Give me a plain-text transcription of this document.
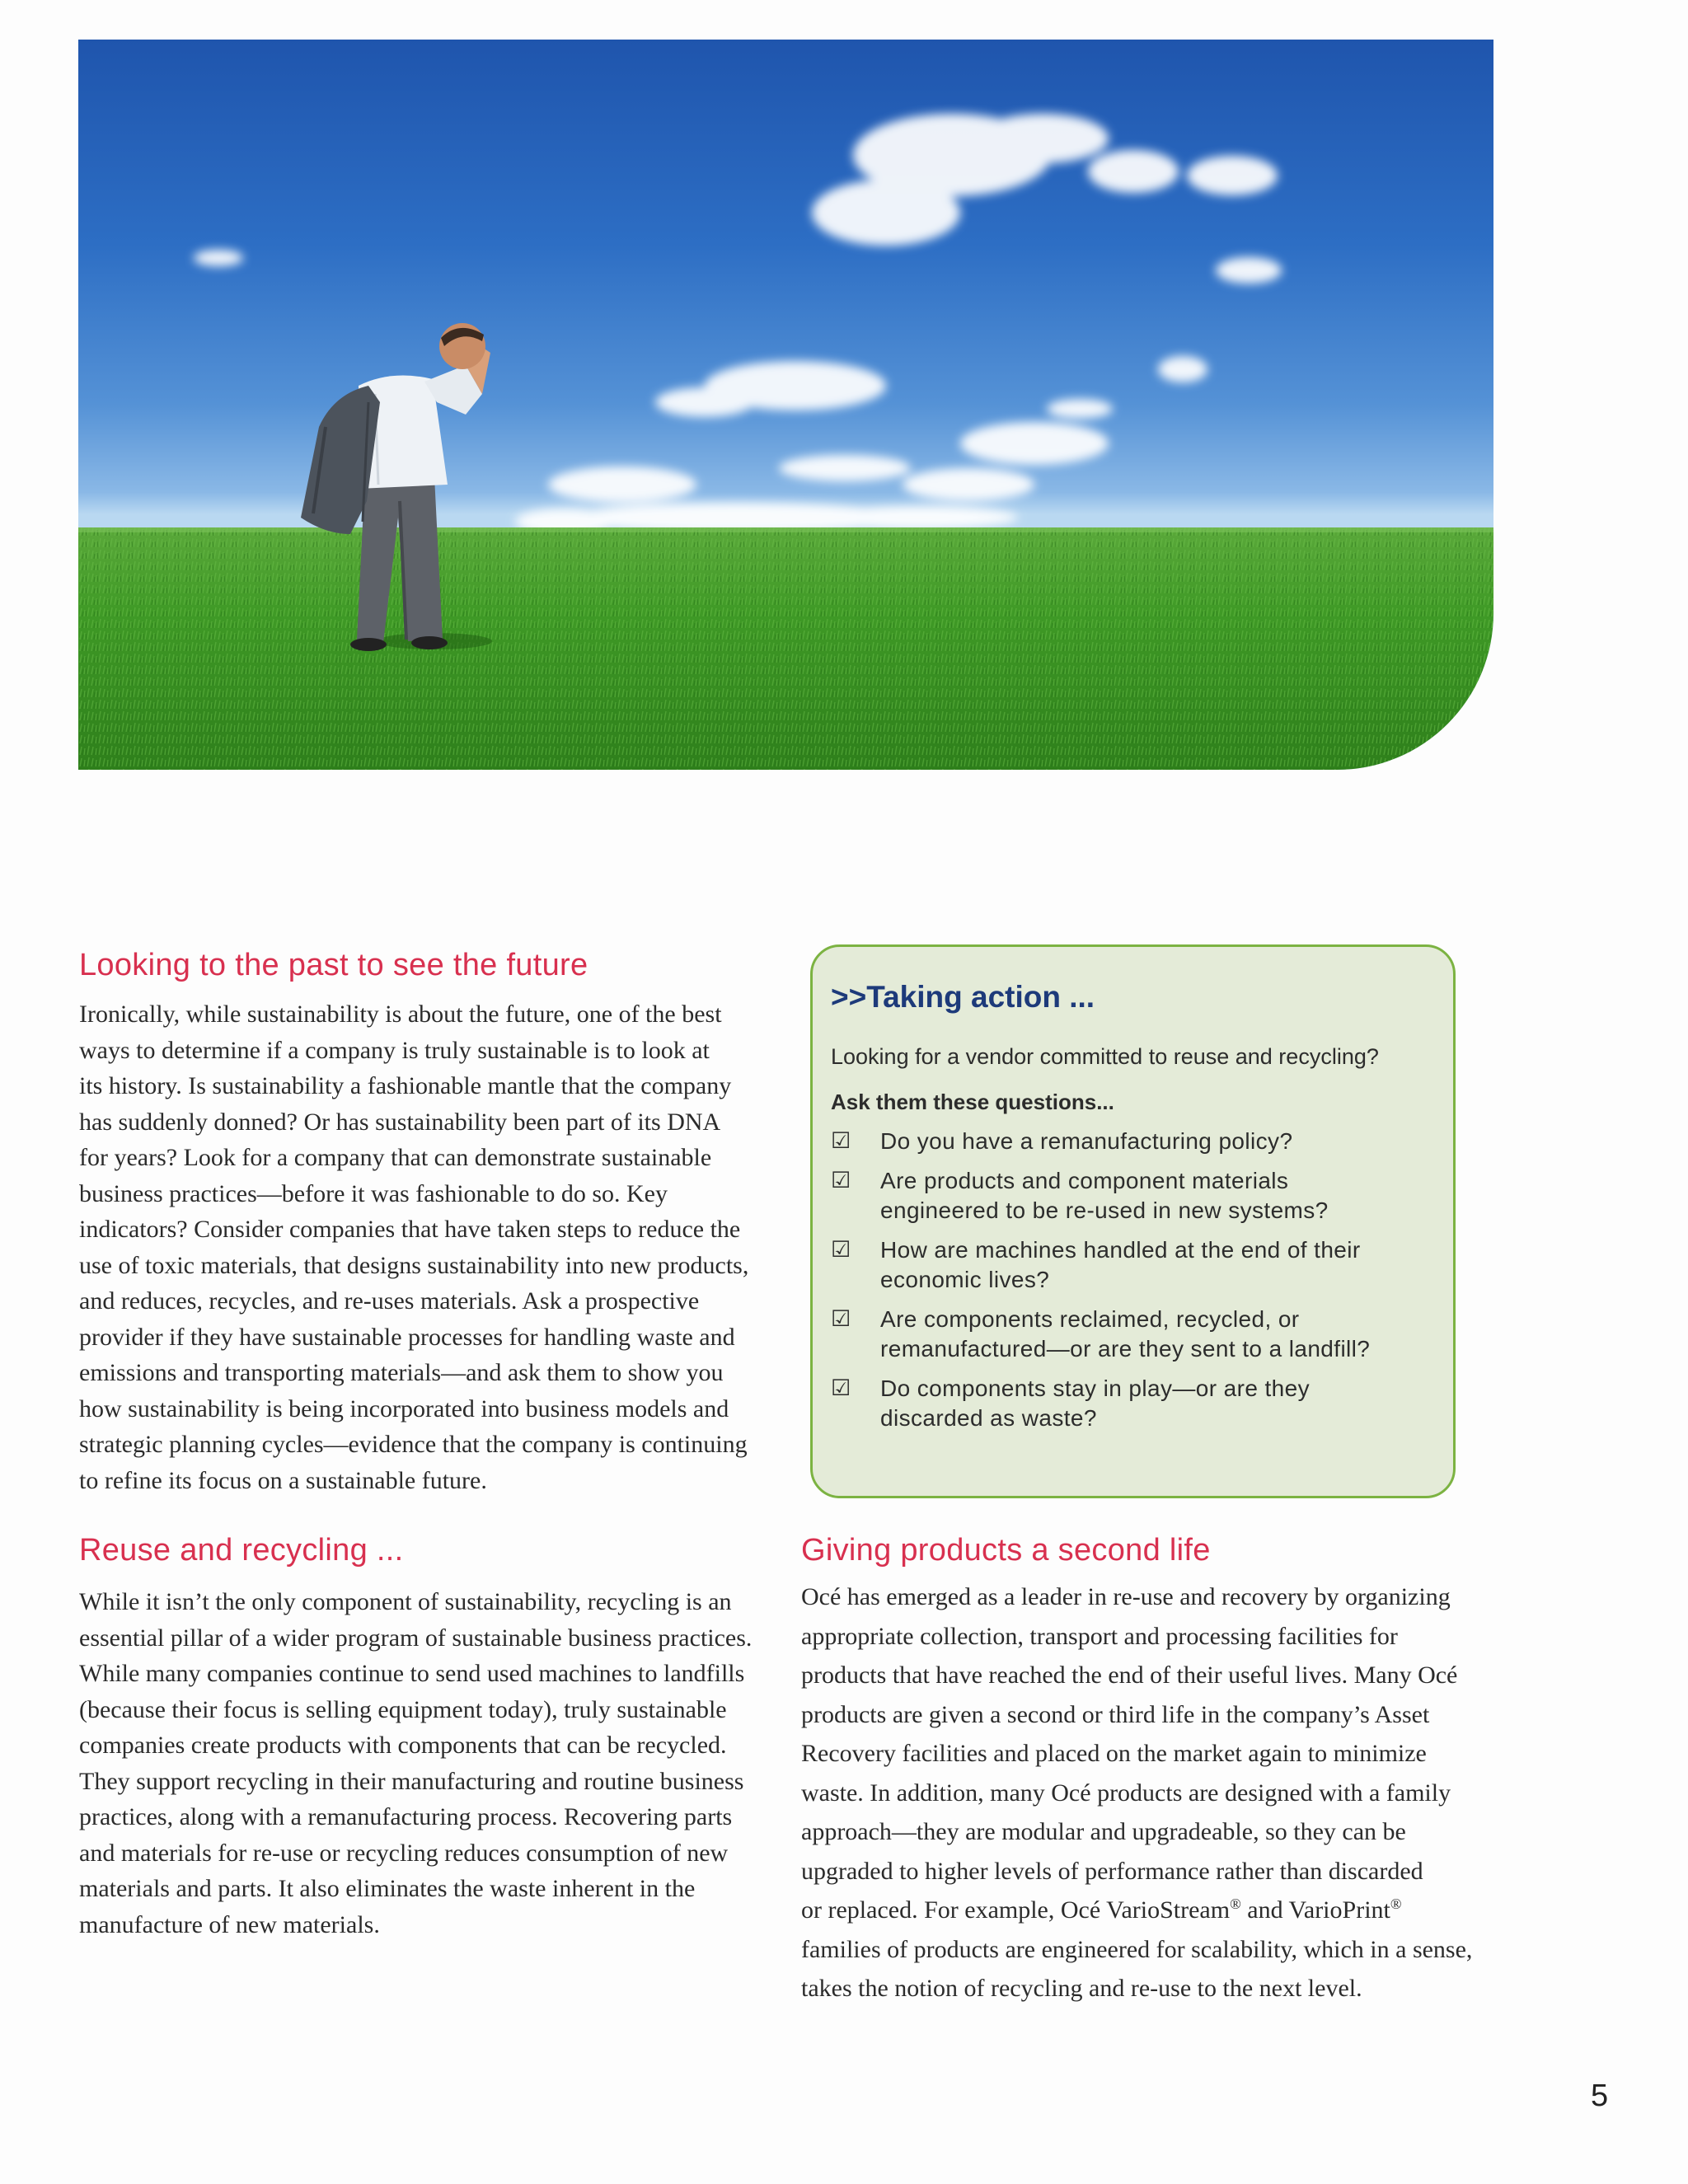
Looking to the past to see the future
Ironically, while sustainability is about the future, one of the best
ways to determine if a company is truly sustainable is to look at
its history. Is sustainability a fashionable mantle that the company
has suddenly donned? Or has sustainability been part of its DNA
for years? Look for a company that can demonstrate sustainable
business practices—before it was fashionable to do so. Key
indicators? Consider companies that have taken steps to reduce the
use of toxic materials, that designs sustainability into new products,
and reduces, recycles, and re-uses materials. Ask a prospective
provider if they have sustainable processes for handling waste and
emissions and transporting materials—and ask them to show you
how sustainability is being incorporated into business models and
strategic planning cycles—evidence that the company is continuing
to refine its focus on a sustainable future.
Reuse and recycling ...
While it isn’t the only component of sustainability, recycling is an
essential pillar of a wider program of sustainable business practices.
While many companies continue to send used machines to landfills
(because their focus is selling equipment today), truly sustainable
companies create products with components that can be recycled.
They support recycling in their manufacturing and routine business
practices, along with a remanufacturing process. Recovering parts
and materials for re-use or recycling reduces consumption of new
materials and parts. It also eliminates the waste inherent in the
manufacture of new materials.
>>Taking action ...

Looking for a vendor committed to reuse and recycling?

Ask them these questions...

☑	Do you have a remanufacturing policy?
☑	Are products and component materials
engineered to be re-used in new systems?
☑	How are machines handled at the end of their
economic lives?
☑	Are components reclaimed, recycled, or
remanufactured—or are they sent to a landfill?
☑	Do components stay in play—or are they
discarded as waste?
Giving products a second life
Océ has emerged as a leader in re-use and recovery by organizing
appropriate collection, transport and processing facilities for
products that have reached the end of their useful lives. Many Océ
products are given a second or third life in the company’s Asset
Recovery facilities and placed on the market again to minimize
waste. In addition, many Océ products are designed with a family
approach—they are modular and upgradeable, so they can be
upgraded to higher levels of performance rather than discarded
or replaced. For example, Océ VarioStream® and VarioPrint®
families of products are engineered for scalability, which in a sense,
takes the notion of recycling and re-use to the next level.

5
